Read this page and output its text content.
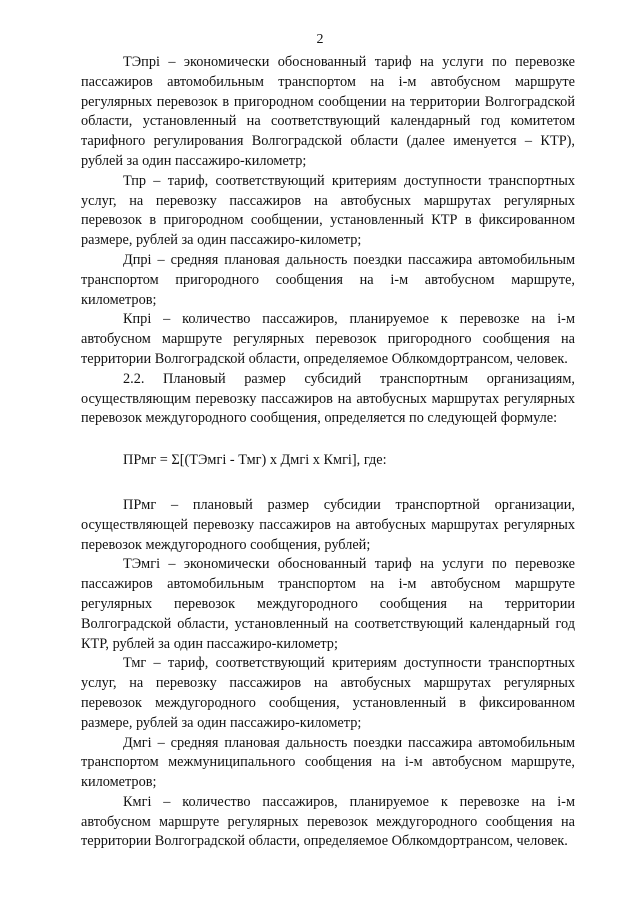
2

ТЭпрi – экономически обоснованный тариф на услуги по перевозке пассажиров автомобильным транспортом на i-м автобусном маршруте регулярных перевозок в пригородном сообщении на территории Волгоградской области, установленный на соответствующий календарный год комитетом тарифного регулирования Волгоградской области (далее именуется – КТР), рублей за один пассажиро-километр;

Тпр – тариф, соответствующий критериям доступности транспортных услуг, на перевозку пассажиров на автобусных маршрутах регулярных перевозок в пригородном сообщении, установленный КТР в фиксированном размере, рублей за один пассажиро-километр;

Дпрi – средняя плановая дальность поездки пассажира автомобильным транспортом пригородного сообщения на i-м автобусном маршруте, километров;

Кпрi – количество пассажиров, планируемое к перевозке на i-м автобусном маршруте регулярных перевозок пригородного сообщения на территории Волгоградской области, определяемое Облкомдортрансом, человек.

2.2. Плановый размер субсидий транспортным организациям, осуществляющим перевозку пассажиров на автобусных маршрутах регулярных перевозок междугородного сообщения, определяется по следующей формуле:

ПРмг = Σ[(ТЭмгi - Тмг) х Дмгi х Кмгi], где:

ПРмг – плановый размер субсидии транспортной организации, осуществляющей перевозку пассажиров на автобусных маршрутах регулярных перевозок междугородного сообщения, рублей;

ТЭмгi – экономически обоснованный тариф на услуги по перевозке пассажиров автомобильным транспортом на i-м автобусном маршруте регулярных перевозок междугородного сообщения на территории Волгоградской области, установленный на соответствующий календарный год КТР, рублей за один пассажиро-километр;

Тмг – тариф, соответствующий критериям доступности транспортных услуг, на перевозку пассажиров на автобусных маршрутах регулярных перевозок междугородного сообщения, установленный в фиксированном размере, рублей за один пассажиро-километр;

Дмгi – средняя плановая дальность поездки пассажира автомобильным транспортом межмуниципального сообщения на i-м автобусном маршруте, километров;

Кмгi – количество пассажиров, планируемое к перевозке на i-м автобусном маршруте регулярных перевозок междугородного сообщения на территории Волгоградской области, определяемое Облкомдортрансом, человек.
